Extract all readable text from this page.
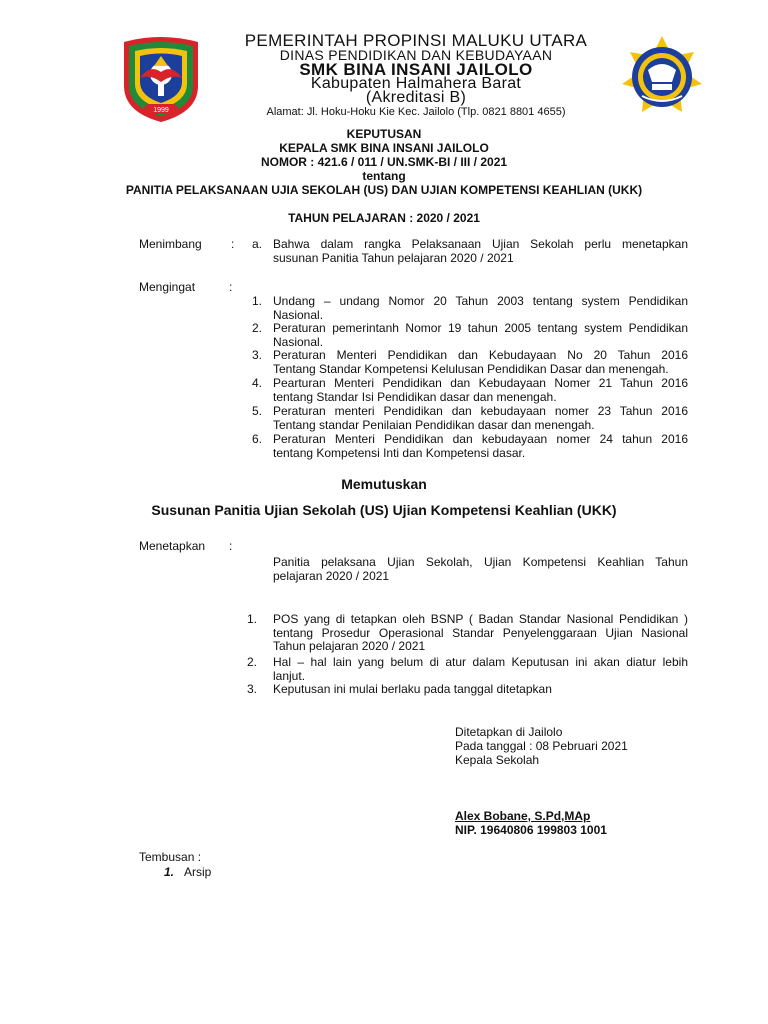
1999
PEMERINTAH PROPINSI MALUKU UTARA
DINAS PENDIDIKAN DAN KEBUDAYAAN
SMK BINA INSANI JAILOLO
Kabupaten Halmahera Barat
(Akreditasi B)
Alamat: Jl. Hoku-Hoku Kie Kec. Jailolo (Tlp. 0821 8801 4655)
KEPUTUSAN
KEPALA SMK BINA INSANI JAILOLO
NOMOR : 421.6 / 011 / UN.SMK-BI / III / 2021
tentang
PANITIA PELAKSANAAN UJIA SEKOLAH (US) DAN UJIAN KOMPETENSI KEAHLIAN (UKK)
TAHUN PELAJARAN : 2020 / 2021
Menimbang : a. Bahwa dalam rangka Pelaksanaan Ujian Sekolah perlu menetapkan
susunan Panitia Tahun pelajaran 2020 / 2021
Mengingat	:
1. Undang – undang Nomor 20 Tahun 2003 tentang system Pendidikan
Nasional.
2. Peraturan pemerintanh Nomor 19 tahun 2005 tentang system Pendidikan
Nasional.
3. Peraturan Menteri Pendidikan dan Kebudayaan No 20 Tahun 2016
Tentang Standar Kompetensi Kelulusan Pendidikan Dasar dan menengah.
4. Pearturan Menteri Pendidikan dan Kebudayaan Nomer 21 Tahun 2016
tentang Standar Isi Pendidikan dasar dan menengah.
5. Peraturan menteri Pendidikan dan kebudayaan nomer 23 Tahun 2016
Tentang standar Penilaian Pendidikan dasar dan menengah.
6. Peraturan Menteri Pendidikan dan kebudayaan nomer 24 tahun 2016
tentang Kompetensi Inti dan Kompetensi dasar.
Memutuskan
Susunan Panitia Ujian Sekolah (US) Ujian Kompetensi Keahlian (UKK)
Menetapkan :
Panitia pelaksana Ujian Sekolah, Ujian Kompetensi Keahlian Tahun
pelajaran 2020 / 2021
1. POS yang di tetapkan oleh BSNP ( Badan Standar Nasional Pendidikan )
tentang Prosedur Operasional Standar Penyelenggaraan Ujian Nasional
Tahun pelajaran 2020 / 2021
2. Hal – hal lain yang belum di atur dalam Keputusan ini akan diatur lebih
lanjut.
3. Keputusan ini mulai berlaku pada tanggal ditetapkan
Ditetapkan di Jailolo
Pada tanggal : 08 Pebruari 2021
Kepala Sekolah
Alex Bobane, S.Pd,MAp
NIP. 19640806 199803 1001
Tembusan :
1. Arsip
